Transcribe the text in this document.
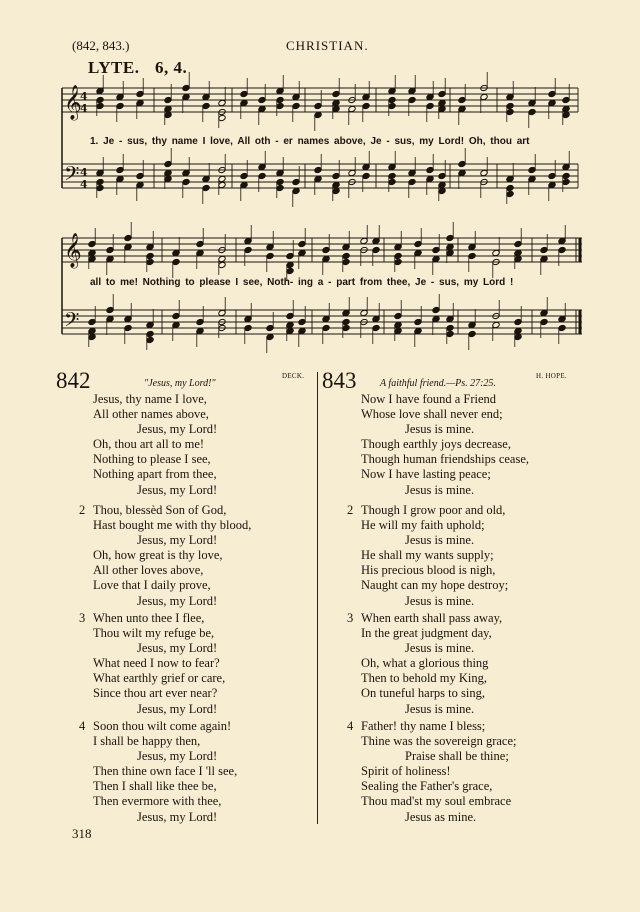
(842, 843.)	CHRISTIAN.
LYTE. 6, 4.
𝄞
𝄢
𝄞
𝄢
4
4
4
4
1. Je - sus, thy name I love, All oth - er names above, Je - sus, my Lord! Oh, thou art
all to me! Nothing to please I see, Noth- ing a - part from thee, Je - sus, my Lord !
842	"Jesus, my Lord!"
DECK. 843 A faithful friend.—Ps. 27:25.
H. HOPE.
Jesus, thy name I love,
All other names above,
Jesus, my Lord!
Oh, thou art all to me!
Nothing to please I see,
Nothing apart from thee,
Jesus, my Lord!
2 Thou, blessèd Son of God,
Hast bought me with thy blood,
Jesus, my Lord!
Oh, how great is thy love,
All other loves above,
Love that I daily prove,
Jesus, my Lord!
3 When unto thee I flee,
Thou wilt my refuge be,
Jesus, my Lord!
What need I now to fear?
What earthly grief or care,
Since thou art ever near?
Jesus, my Lord!
4 Soon thou wilt come again!
I shall be happy then,
Jesus, my Lord!
Then thine own face I 'll see,
Then I shall like thee be,
Then evermore with thee,
Jesus, my Lord!
Now I have found a Friend
Whose love shall never end;
Jesus is mine.
Though earthly joys decrease,
Though human friendships cease,
Now I have lasting peace;
Jesus is mine.
2 Though I grow poor and old,
He will my faith uphold;
Jesus is mine.
He shall my wants supply;
His precious blood is nigh,
Naught can my hope destroy;
Jesus is mine.
3 When earth shall pass away,
In the great judgment day,
Jesus is mine.
Oh, what a glorious thing
Then to behold my King,
On tuneful harps to sing,
Jesus is mine.
4 Father! thy name I bless;
Thine was the sovereign grace;
Praise shall be thine;
Spirit of holiness!
Sealing the Father's grace,
Thou mad'st my soul embrace
Jesus as mine.
318
